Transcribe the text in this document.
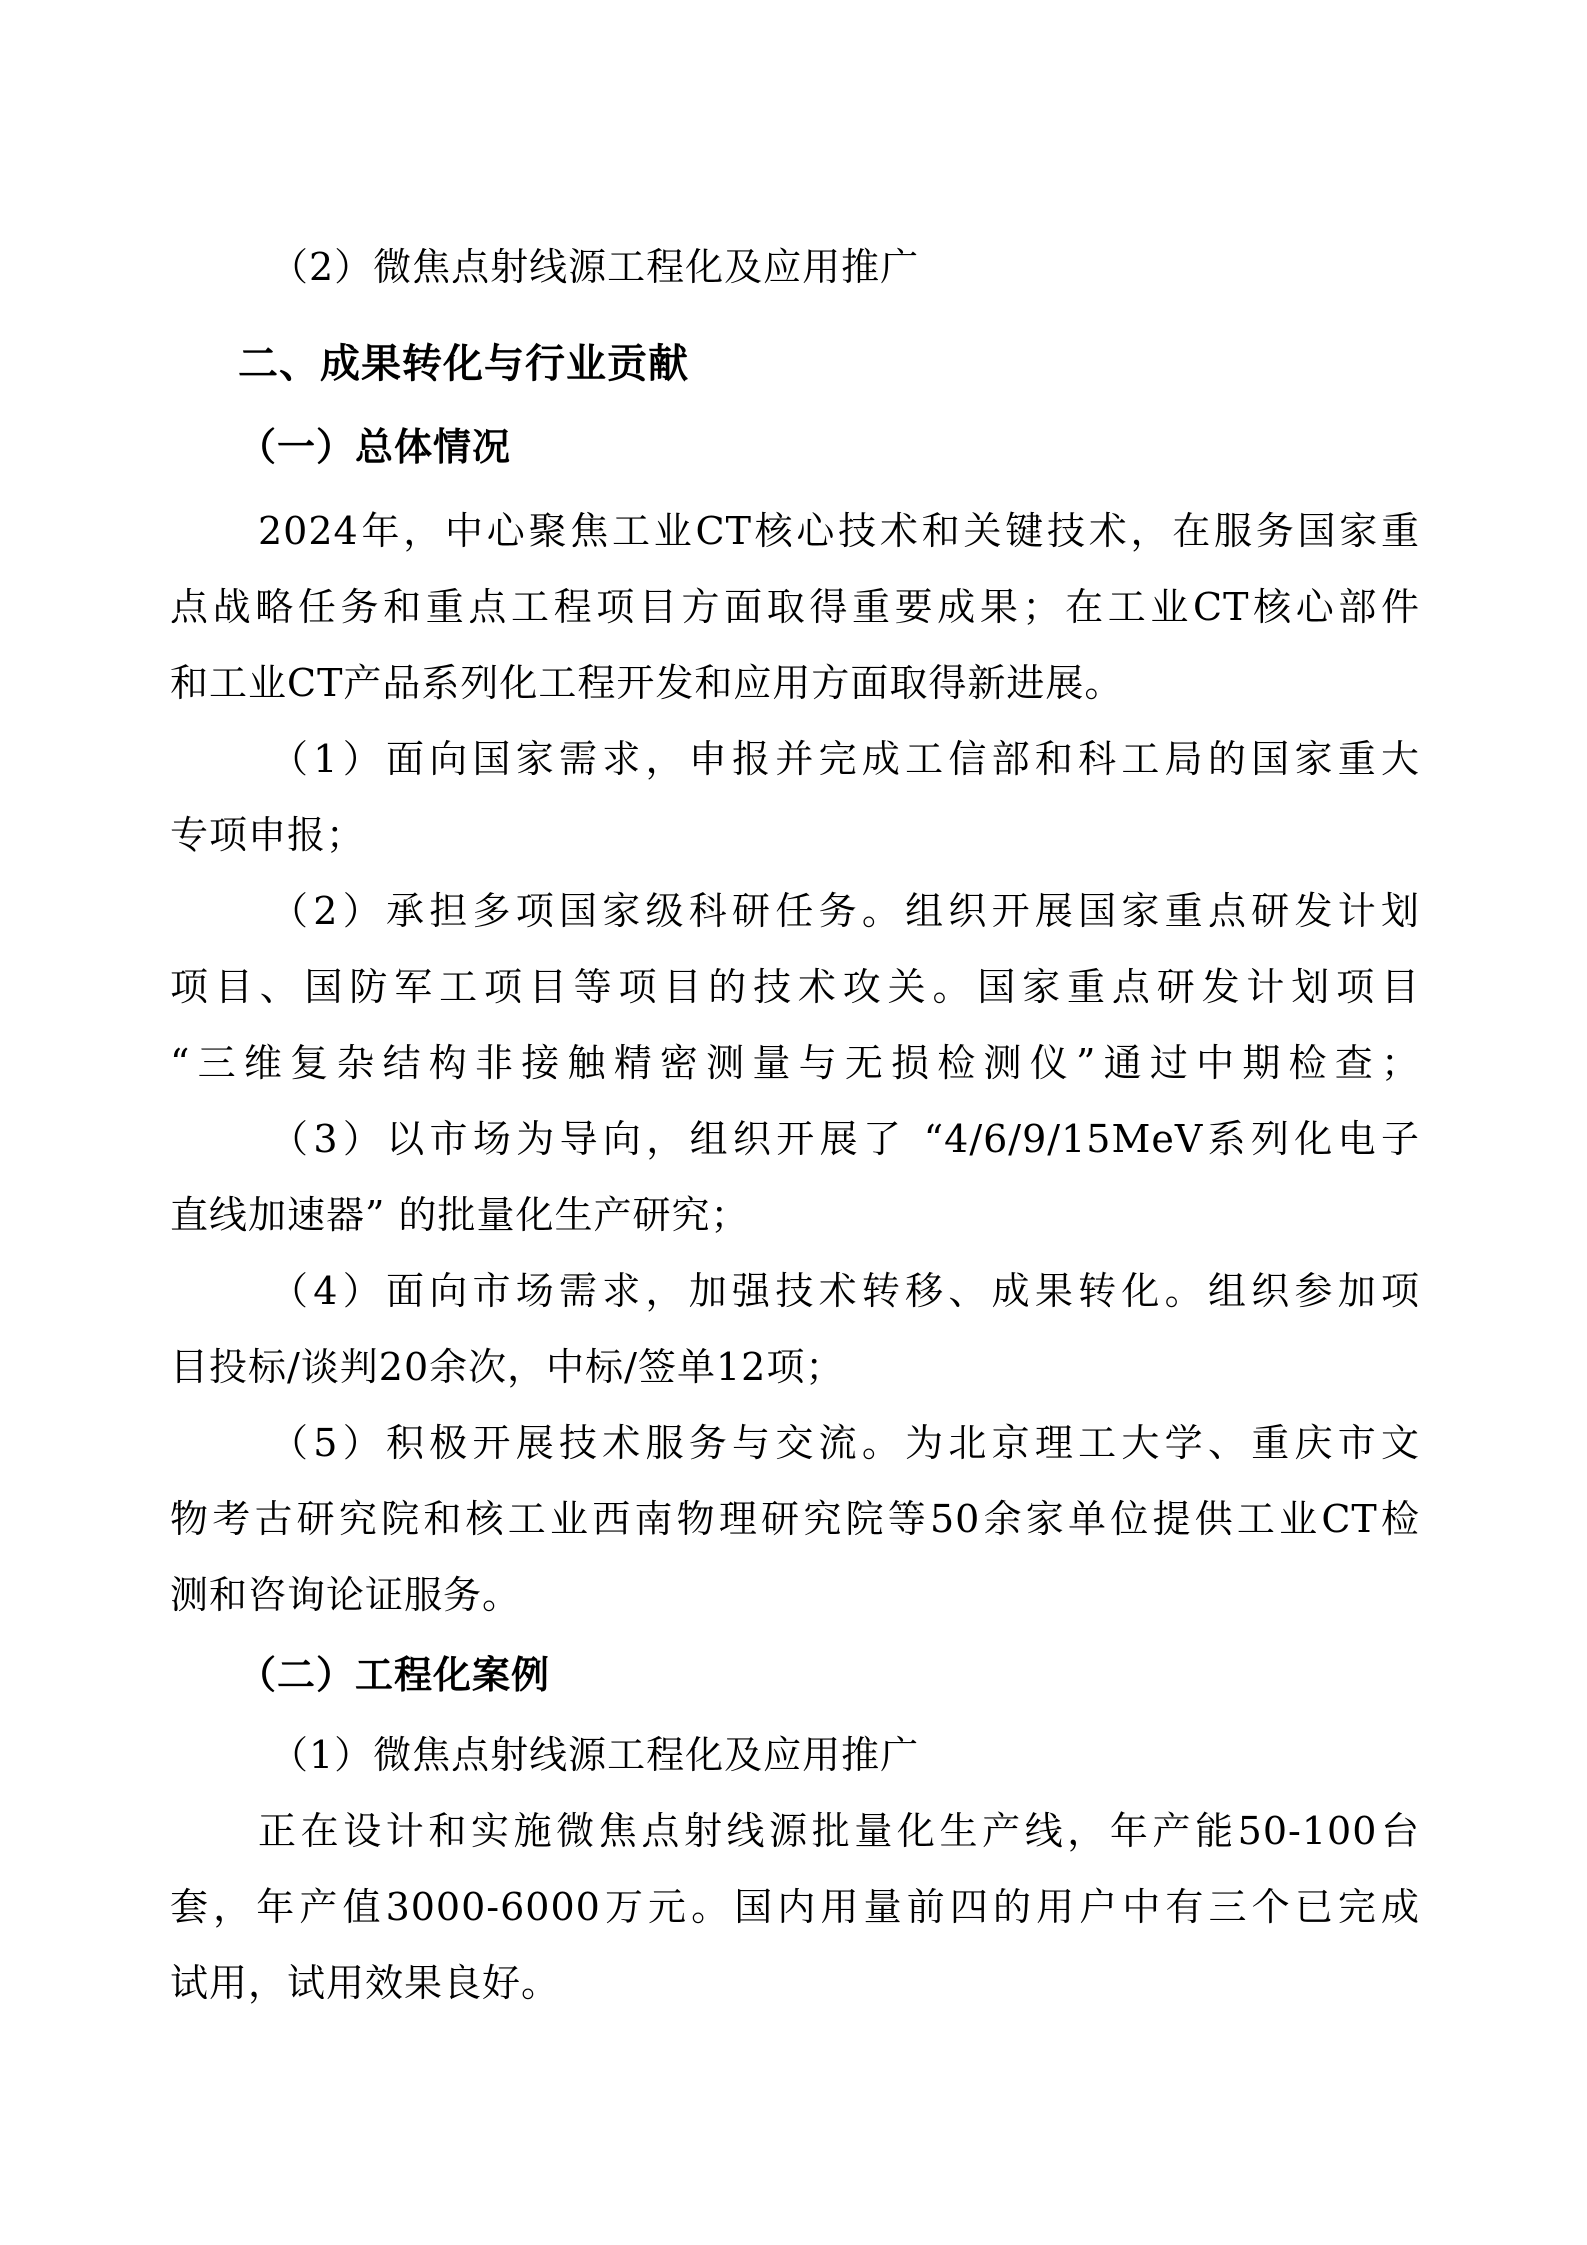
（2）微焦点射线源工程化及应用推广
二、成果转化与行业贡献
（一）总体情况
2024年，中心聚焦工业CT核心技术和关键技术，在服务国家重
点战略任务和重点工程项目方面取得重要成果；在工业CT核心部件
和工业CT产品系列化工程开发和应用方面取得新进展。
（1）面向国家需求，申报并完成工信部和科工局的国家重大
专项申报；
（2）承担多项国家级科研任务。组织开展国家重点研发计划
项目、国防军工项目等项目的技术攻关。国家重点研发计划项目
“三维复杂结构非接触精密测量与无损检测仪”通过中期检查；
（3）以市场为导向，组织开展了 “4/6/9/15MeV系列化电子
直线加速器” 的批量化生产研究；
（4）面向市场需求，加强技术转移、成果转化。组织参加项
目投标/谈判20余次，中标/签单12项；
（5）积极开展技术服务与交流。为北京理工大学、重庆市文
物考古研究院和核工业西南物理研究院等50余家单位提供工业CT检
测和咨询论证服务。
（二）工程化案例
（1）微焦点射线源工程化及应用推广
正在设计和实施微焦点射线源批量化生产线，年产能50-100台
套，年产值3000-6000万元。国内用量前四的用户中有三个已完成
试用，试用效果良好。
